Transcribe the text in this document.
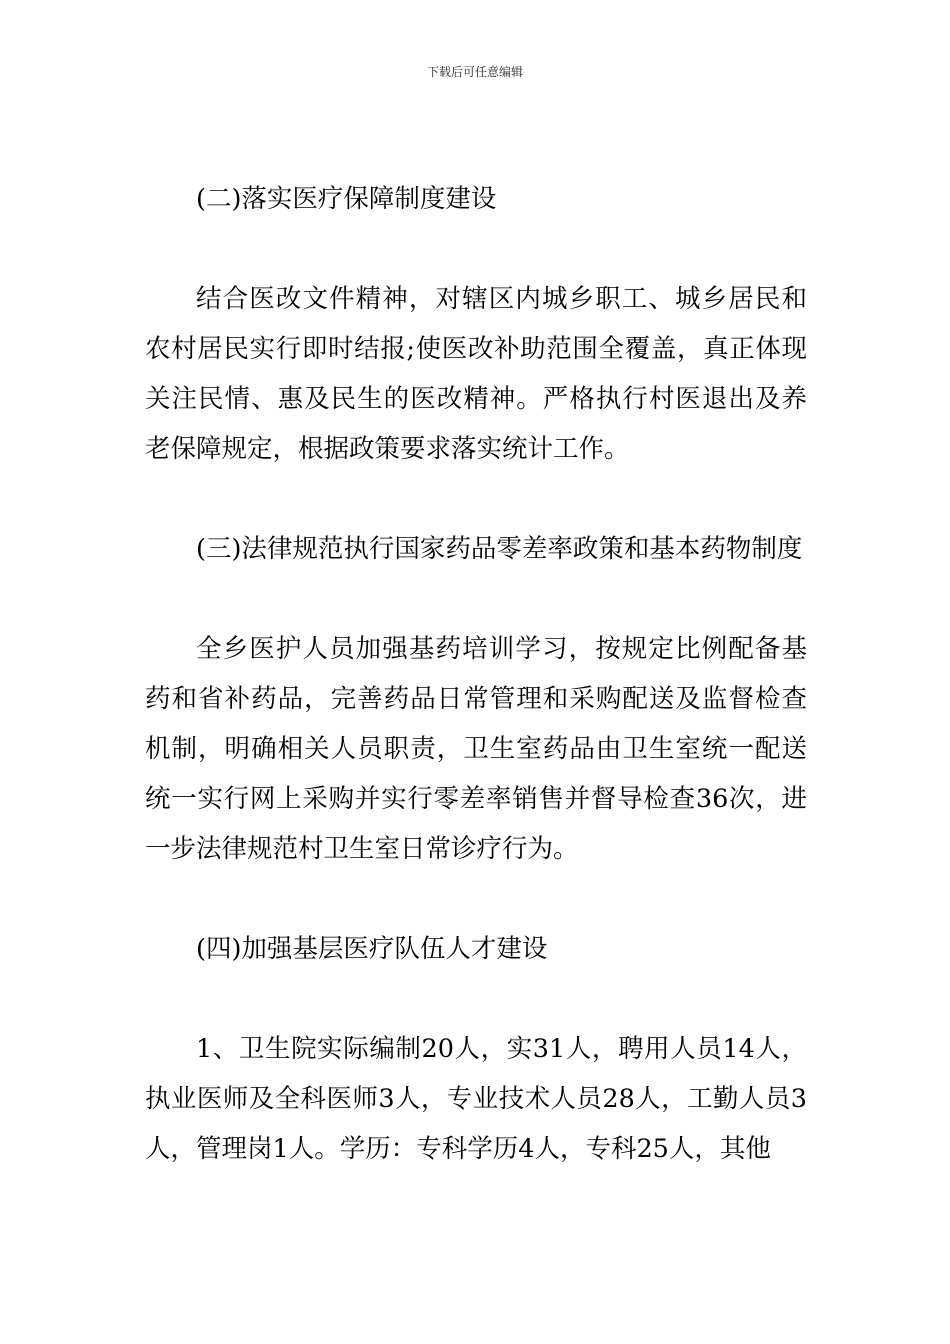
下载后可任意编辑

(二)落实医疗保障制度建设

结合医改文件精神，对辖区内城乡职工、城乡居民和农村居民实行即时结报;使医改补助范围全覆盖，真正体现关注民情、惠及民生的医改精神。严格执行村医退出及养老保障规定，根据政策要求落实统计工作。

(三)法律规范执行国家药品零差率政策和基本药物制度

全乡医护人员加强基药培训学习，按规定比例配备基药和省补药品，完善药品日常管理和采购配送及监督检查机制，明确相关人员职责，卫生室药品由卫生室统一配送统一实行网上采购并实行零差率销售并督导检查36次，进一步法律规范村卫生室日常诊疗行为。

(四)加强基层医疗队伍人才建设

1、卫生院实际编制20人，实31人，聘用人员14人，执业医师及全科医师3人，专业技术人员28人，工勤人员3人，管理岗1人。学历：专科学历4人，专科25人，其他
